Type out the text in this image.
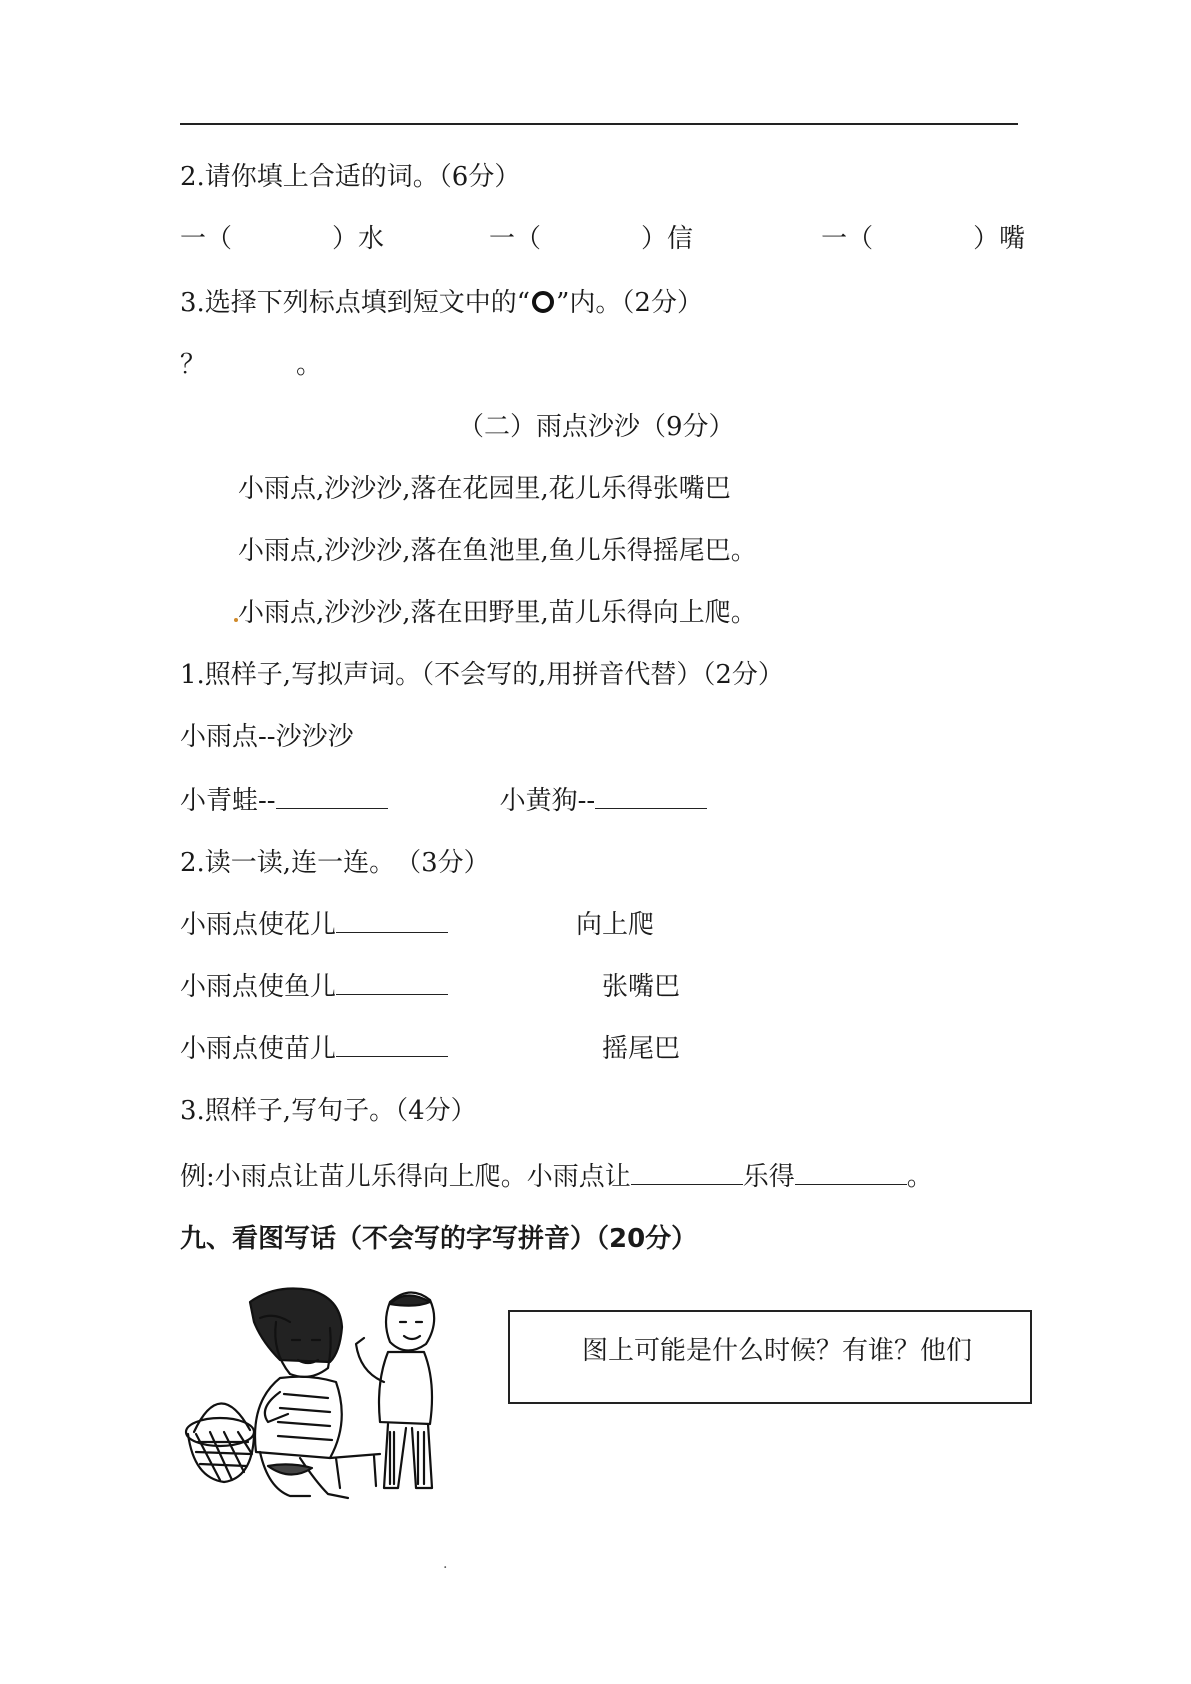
2.请你填上合适的词。（6分）
一（	）水	一（	）信	一（	）嘴
3.选择下列标点填到短文中的“ ”内。（2分）
？	。
（二）雨点沙沙（9分）
小雨点,沙沙沙,落在花园里,花儿乐得张嘴巴
小雨点,沙沙沙,落在鱼池里,鱼儿乐得摇尾巴。
小雨点,沙沙沙,落在田野里,苗儿乐得向上爬。
1.照样子,写拟声词。（不会写的,用拼音代替）（2分）
小雨点--沙沙沙
小青蛙--	小黄狗--
2.读一读,连一连。　（3分）
小雨点使花儿	向上爬
小雨点使鱼儿	张嘴巴
小雨点使苗儿	摇尾巴
3.照样子,写句子。（4分）
例:小雨点让苗儿乐得向上爬。小雨点让	乐得	。
九、看图写话（不会写的字写拼音）（20分）
图上可能是什么时候？有谁？他们
.
